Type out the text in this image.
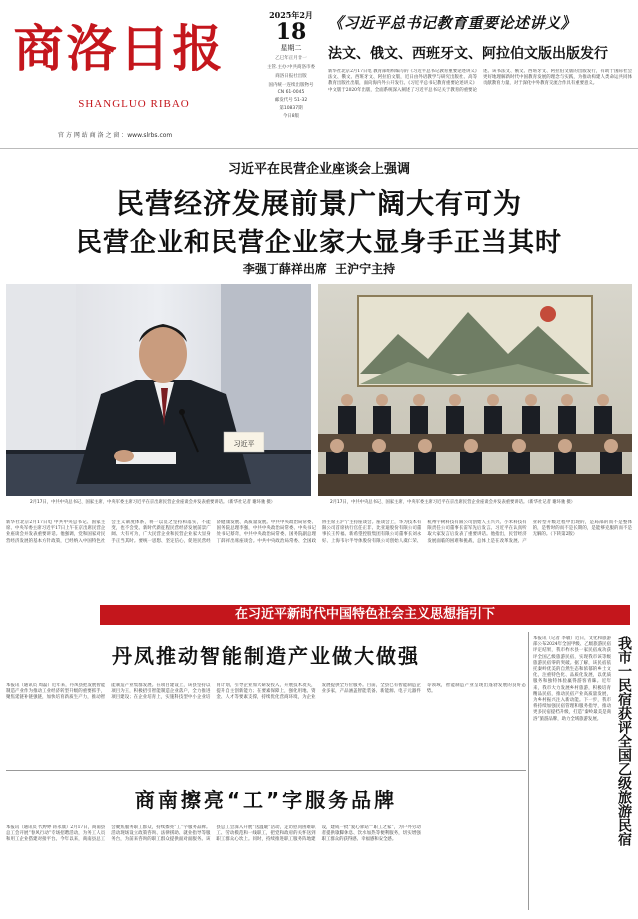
商洛日报
SHANGLUO RIBAO
官 方 网 站 商 洛 之 窗 ：www.slrbs.com
2025年2月
18
星期二
乙巳年正月廿一
主管.主办:中共商洛市委
商洛日报社出版
国内统一连续出版物号
CN 61-0045
邮发代号 51-32
第10837期
今日8版
《习近平总书记教育重要论述讲义》
法文、俄文、西班牙文、阿拉伯文版出版发行
新华社北京2月17日电 教育部组织编写的《习近平总书记教育重要论述讲义》法文、俄文、西班牙文、阿拉伯文版，近日由外语教学与研究出版社、高等教育出版社出版，面向海内外公开发行。《习近平总书记教育重要论述讲义》中文版于2020年出版，全面系统深入阐述了习近平总书记关于教育的重要论述。该书法文、俄文、西班牙文、阿拉伯文版的出版发行，有助于国际社会更好地理解新时代中国教育发展的理念与实践，为推动构建人类命运共同体贡献教育力量，对于深化中外教育交流合作具有重要意义。
习近平在民营企业座谈会上强调
民营经济发展前景广阔大有可为
民营企业和民营企业家大显身手正当其时
李强丁薛祥出席  王沪宁主持
习近平
2月17日，中共中央总书记、国家主席、中央军委主席习近平在京出席民营企业座谈会并发表重要讲话。（新华社记者 谢环驰 摄）	2月17日，中共中央总书记、国家主席、中央军委主席习近平在京出席民营企业座谈会并发表重要讲话。（新华社记者 谢环驰 摄）
新华社北京2月17日电 中共中央总书记、国家主席、中央军委主席习近平17日上午在京出席民营企业座谈会并发表重要讲话。他强调，党和国家对民营经济发展的基本方针政策，已经纳入中国特色社会主义制度体系，将一以贯之坚持和落实，不能变，也不会变。新时代新征程民营经济发展前景广阔、大有可为，广大民营企业和民营企业家大显身手正当其时。要统一思想、坚定信心，促进民营经济健康发展、高质量发展。中共中央政治局常委、国务院总理李强，中共中央政治局常委、中央书记处书记蔡奇，中共中央政治局常委、国务院副总理丁薛祥出席座谈会。中共中央政治局常委、全国政协主席王沪宁主持座谈会。座谈会上，华为技术有限公司首席执行官任正非、比亚迪股份有限公司董事长王传福、新希望控股集团有限公司董事长刘永好、上海韦尔半导体股份有限公司创始人虞仁荣、杭州宇树科技有限公司创始人王兴兴、小米科技有限责任公司董事长雷军先后发言。习近平在认真听取大家发言后发表了重要讲话。他指出，民营经济发展面临的困难和挑战，总体上是在改革发展、产业转型升级过程中出现的，是局部的而不是整体的，是暂时的而不是长期的，是能够克服的而不是无解的。（下转第2版）
在习近平新时代中国特色社会主义思想指引下
丹凤推动智能制造产业做大做强
本报讯（通讯员 周磊）近年来，丹凤县把发展智能制造产业作为推动工业经济转型升级的重要抓手，聚焦延链补链强链，加快培育新质生产力，推动智能制造产业集群发展。在项目建设上，该县坚持以项目为王，积极招引智能制造企业落户，全力推进项目建设；在企业培育上，实施科技型中小企业培育计划，引导企业加大研发投入，开展技术攻关，提升自主创新能力；在要素保障上，强化用地、资金、人才等要素支撑，持续优化营商环境，为企业发展提供全方位服务。目前，全县已有智能制造企业多家，产品涵盖智能装备、新能源、电子元器件等领域，智能制造产业呈现出蓬勃发展的良好态势。
商南擦亮“工”字服务品牌
本报讯（通讯员 代婷婷 蒋永康）2月17日，商南县总工会开展“春风行动”专场招聘活动，为务工人员和用工企业搭建对接平台。今年以来，商南县总工会聚焦服务职工群众，持续擦亮“工”字服务品牌。活动现场设立政策咨询、法律援助、就业指导等服务台，为前来咨询的职工群众提供面对面服务。该县总工会深入开展“送温暖”活动，走访慰问困难职工、劳动模范和一线职工，把党和政府的关怀送到职工群众心坎上。同时，持续推进职工服务阵地建设，建成一批“爱心驿站”“职工之家”，为户外劳动者提供歇脚休息、饮水加热等便利服务，切实增强职工群众的获得感、幸福感和安全感。
本报讯（记者 李敏）近日，文化和旅游部公布2024年全国甲级、乙级旅游民宿评定结果，我市柞水县一家民宿成功获评全国乙级旅游民宿，实现我市该等级旅游民宿零的突破。据了解，该民宿依托秦岭优美的自然生态和浓郁的乡土文化，注重特色化、品质化发展，以优质服务和独特体验赢得游客青睐。近年来，我市大力发展乡村旅游，积极培育精品民宿，推动民宿产业高质量发展，为乡村振兴注入新动能。下一步，我市将持续加强民宿管理和服务指导，推动更多民宿提档升级，打造“秦岭最美是商洛”旅游品牌，助力全域旅游发展。	我市一民宿获评全国乙级旅游民宿
